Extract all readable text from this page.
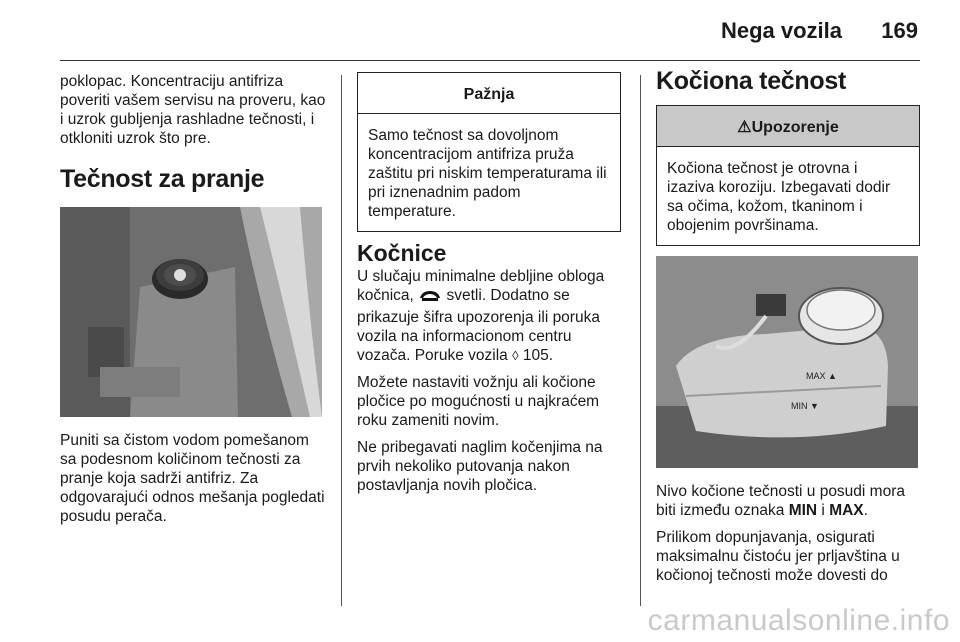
Nega vozila 169

poklopac. Koncentraciju antifriza poveriti vašem servisu na proveru, kao i uzrok gubljenja rashladne tečnosti, i otkloniti uzrok što pre.

Tečnost za pranje

Puniti sa čistom vodom pomešanom sa podesnom količinom tečnosti za pranje koja sadrži antifriz. Za odgovarajući odnos mešanja pogledati posudu perača.

Pažnja
Samo tečnost sa dovoljnom koncentracijom antifriza pruža zaštitu pri niskim temperaturama ili pri iznenadnim padom temperature.
Kočnice

U slučaju minimalne debljine obloga kočnica, svetli. Dodatno se prikazuje šifra upozorenja ili poruka vozila na informacionom centru vozača. Poruke vozila ◊ 105.

Možete nastaviti vožnju ali kočione pločice po mogućnosti u najkraćem roku zameniti novim.

Ne pribegavati naglim kočenjima na prvih nekoliko putovanja nakon postavljanja novih pločica.

Kočiona tečnost
⚠Upozorenje
Kočiona tečnost je otrovna i izaziva koroziju. Izbegavati dodir sa očima, kožom, tkaninom i obojenim površinama.
MAX ▲
MIN ▼

Nivo kočione tečnosti u posudi mora biti između oznaka MIN i MAX.

Prilikom dopunjavanja, osigurati maksimalnu čistoću jer prljavština u kočionoj tečnosti može dovesti do

carmanualsonline.info
